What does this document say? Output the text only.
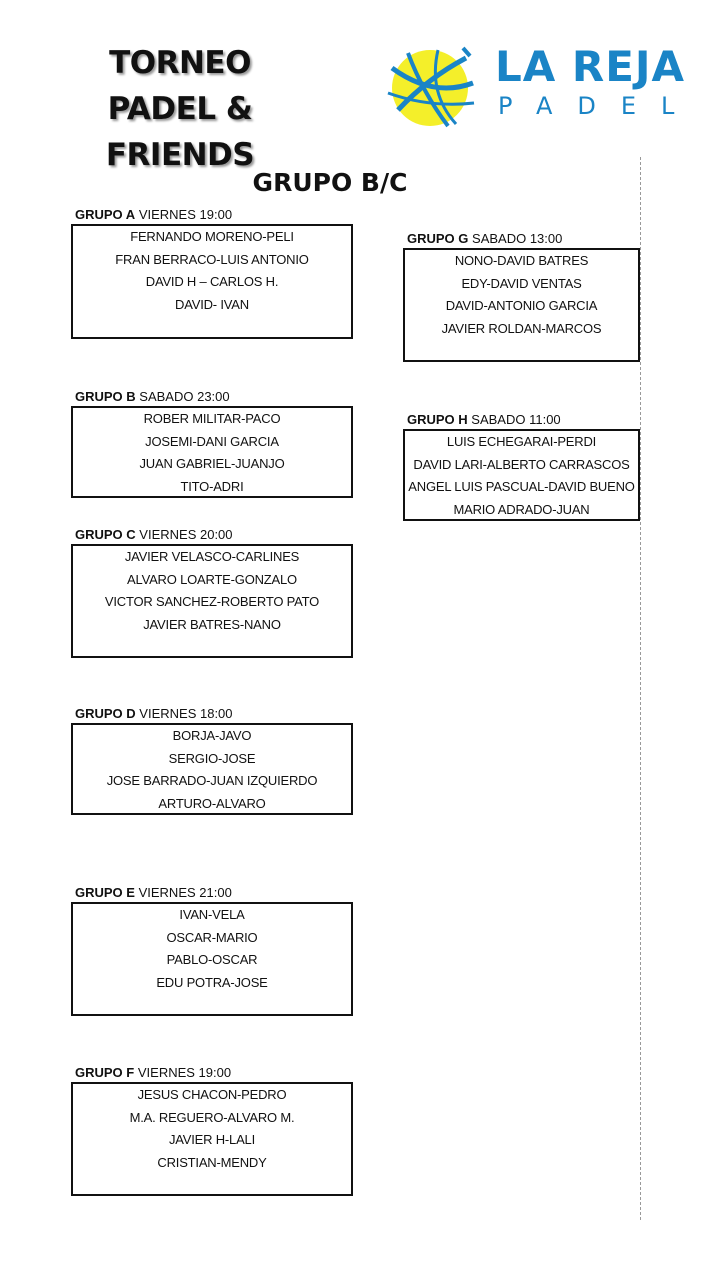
TORNEO
PADEL & FRIENDS
LA REJA
PADEL
GRUPO B/C
GRUPO A VIERNES 19:00
FERNANDO MORENO-PELI
FRAN BERRACO-LUIS ANTONIO
DAVID H – CARLOS H.
DAVID- IVAN
GRUPO B SABADO 23:00
ROBER MILITAR-PACO
JOSEMI-DANI GARCIA
JUAN GABRIEL-JUANJO
TITO-ADRI
GRUPO C VIERNES 20:00
JAVIER VELASCO-CARLINES
ALVARO LOARTE-GONZALO
VICTOR SANCHEZ-ROBERTO PATO
JAVIER BATRES-NANO
GRUPO D VIERNES 18:00
BORJA-JAVO
SERGIO-JOSE
JOSE BARRADO-JUAN IZQUIERDO
ARTURO-ALVARO
GRUPO E VIERNES 21:00
IVAN-VELA
OSCAR-MARIO
PABLO-OSCAR
EDU POTRA-JOSE
GRUPO F VIERNES 19:00
JESUS CHACON-PEDRO
M.A. REGUERO-ALVARO M.
JAVIER H-LALI
CRISTIAN-MENDY
GRUPO G SABADO 13:00
NONO-DAVID BATRES
EDY-DAVID VENTAS
DAVID-ANTONIO GARCIA
JAVIER ROLDAN-MARCOS
GRUPO H SABADO 11:00
LUIS ECHEGARAI-PERDI
DAVID LARI-ALBERTO CARRASCOS
ANGEL LUIS PASCUAL-DAVID BUENO
MARIO ADRADO-JUAN
